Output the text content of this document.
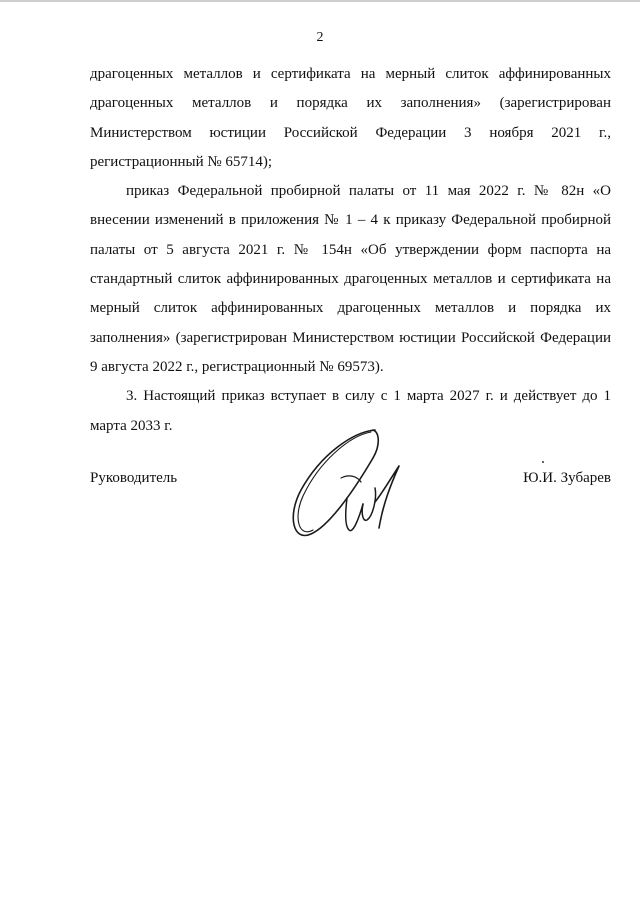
2

драгоценных металлов и сертификата на мерный слиток аффинированных драгоценных металлов и порядка их заполнения» (зарегистрирован Министерством юстиции Российской Федерации 3 ноября 2021 г., регистрационный № 65714);

приказ Федеральной пробирной палаты от 11 мая 2022 г. № 82н «О внесении изменений в приложения № 1 – 4 к приказу Федеральной пробирной палаты от 5 августа 2021 г. № 154н «Об утверждении форм паспорта на стандартный слиток аффинированных драгоценных металлов и сертификата на мерный слиток аффинированных драгоценных металлов и порядка их заполнения» (зарегистрирован Министерством юстиции Российской Федерации 9 августа 2022 г., регистрационный № 69573).

3. Настоящий приказ вступает в силу с 1 марта 2027 г. и действует до 1 марта 2033 г.

Руководитель	Ю.И. Зубарев
